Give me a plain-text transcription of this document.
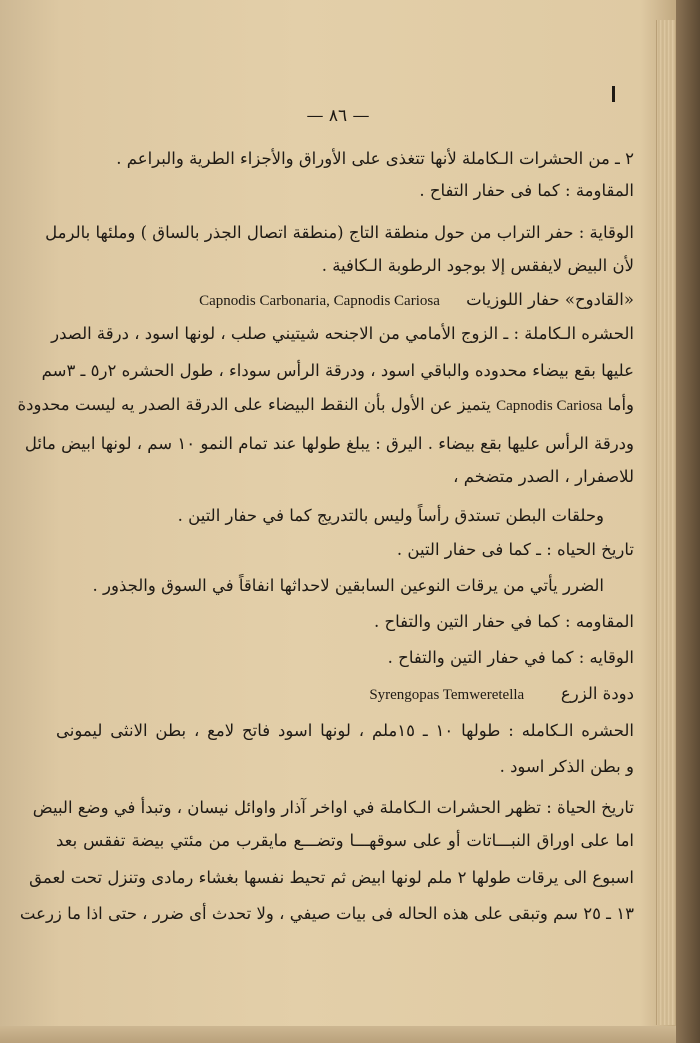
— ٨٦ —
٢ ـ من الحشرات الـكاملة لأنها تتغذى على الأوراق والأجزاء الطرية والبراعم .
المقاومة : كما فى حفار التفاح .
الوقاية : حفر التراب من حول منطقة التاج (منطقة اتصال الجذر بالساق ) وملئها بالرمل
لأن البيض لايفقس إلا بوجود الرطوبة الـكافية .
«القادوح» حفار اللوزيات     Capnodis Carbonaria, Capnodis Cariosa
الحشره الـكاملة : ـ الزوج الأمامي من الاجنحه شيتيني صلب ، لونها اسود ، درقة الصدر
عليها بقع بيضاء محدوده والباقي اسود ، ودرقة الرأس سوداء ، طول الحشره ٢ر٥ ـ ٣سم
وأما Capnodis Cariosa يتميز عن الأول بأن النقط البيضاء على الدرقة الصدر يه ليست محدودة
ودرقة الرأس عليها بقع بيضاء . اليرق : يبلغ طولها عند تمام النمو ١٠ سم ، لونها ابيض مائل
للاصفرار ، الصدر متضخم ،
وحلقات البطن تستدق رأساً وليس بالتدريج كما في حفار التين .
تاريخ الحياه : ـ كما فى حفار التين .
الضرر يأتي من يرقات النوعين السابقين لاحداثها انفاقاً في السوق والجذور .
المقاومه : كما في حفار التين والتفاح .
الوقايه : كما في حفار التين والتفاح .
دودة الزرع       Syrengopas Temweretella
الحشره الـكامله : طولها ١٠ ـ ١٥ملم ، لونها اسود فاتح لامع ، بطن الانثى ليمونى
و بطن الذكر اسود .
تاريخ الحياة : تظهر الحشرات الـكاملة في اواخر آذار واوائل نيسان ، وتبدأ في وضع البيض
اما على اوراق النبـــاتات أو على سوقهـــا وتضـــع مايقرب من مئتي بيضة تفقس بعد
اسبوع الى يرقات طولها ٢ ملم لونها ابيض ثم تحيط نفسها بغشاء رمادى وتنزل تحت لعمق
١٣ ـ ٢٥ سم وتبقى على هذه الحاله فى بيات صيفي ، ولا تحدث أى ضرر ، حتى اذا ما زرعت
